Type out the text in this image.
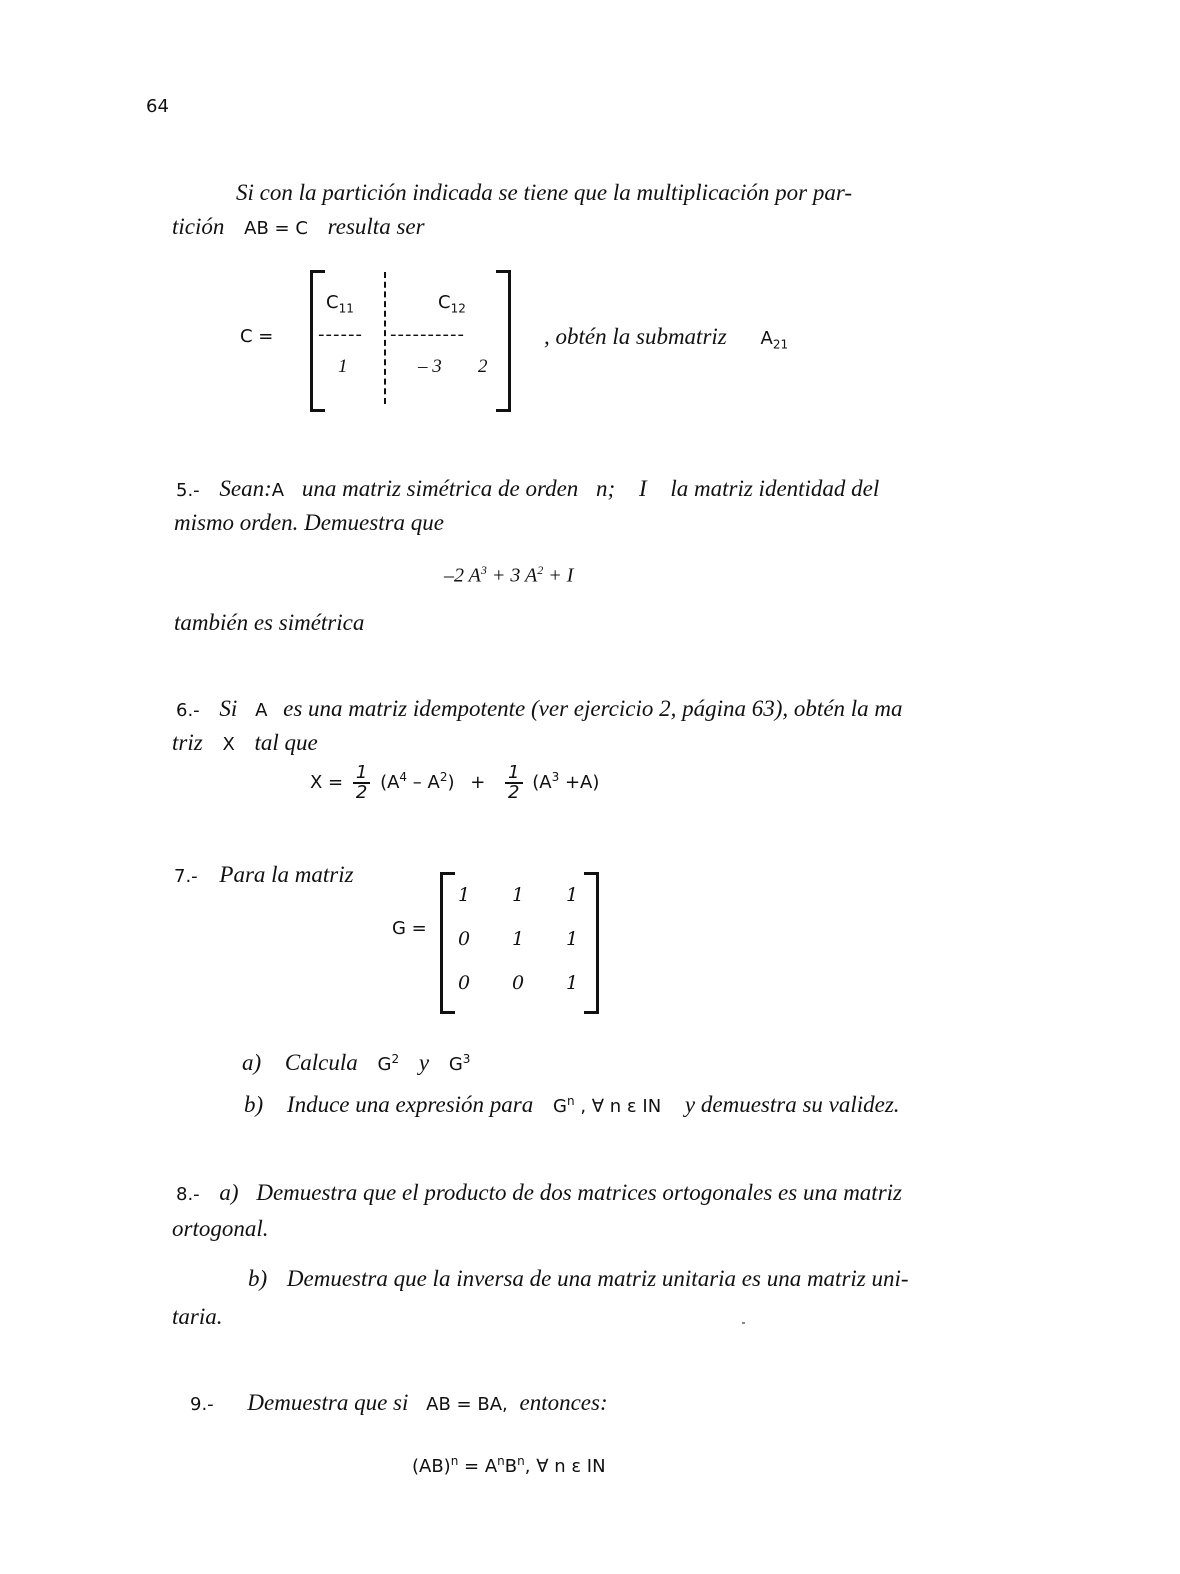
64
Si con la partición indicada se tiene que la multiplicación por par-
tición AB = C resulta ser
C =
$C_{11}$	$C_{12}$
------ ----------
1	– 3 2
, obtén la submatriz $A_{21}$
5.- Sean:A una matriz simétrica de orden n; I la matriz identidad del
mismo orden. Demuestra que
–2 $A^3 + 3$ $A^2 + I$
también es simétrica
6.- Si A es una matriz idempotente (ver ejercicio 2, página 63), obtén la ma
triz X tal que
$X = \frac{1}{2} (A^4 - A^2) + \frac{1}{2} (A^3 +A)$
7.- Para la matriz
G =
1	1	1
0	1	1
0	0	1
a) Calcula $G^2$ y $G^3$
b) Induce una expresión para $G^n$ , ∀ n ε IN y demuestra su validez.
8.- a) Demuestra que el producto de dos matrices ortogonales es una matriz
ortogonal.
b) Demuestra que la inversa de una matriz unitaria es una matriz uni-
taria.
9.- Demuestra que si AB = BA, entonces:
$(AB)^n = A^nB^n$, ∀ n ε IN
